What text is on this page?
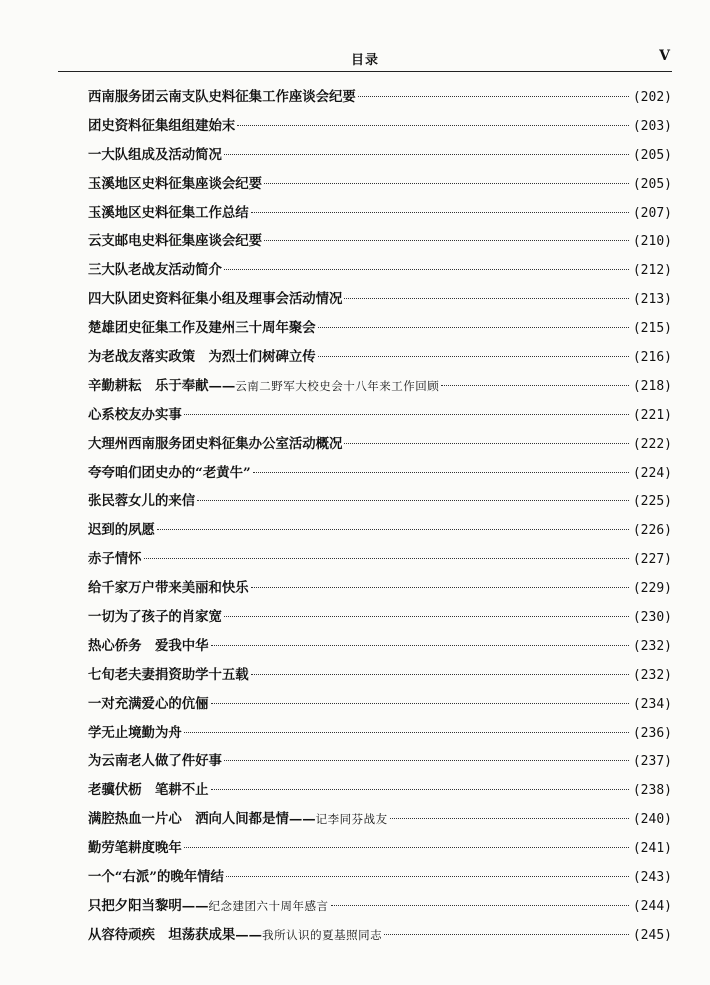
目录	V
西南服务团云南支队史料征集工作座谈会纪要	(202)
团史资料征集组组建始末	(203)
一大队组成及活动简况	(205)
玉溪地区史料征集座谈会纪要	(205)
玉溪地区史料征集工作总结	(207)
云支邮电史料征集座谈会纪要	(210)
三大队老战友活动简介	(212)
四大队团史资料征集小组及理事会活动情况	(213)
楚雄团史征集工作及建州三十周年聚会	(215)
为老战友落实政策　为烈士们树碑立传	(216)
辛勤耕耘　乐于奉献—— 云南二野军大校史会十八年来工作回顾	(218)
心系校友办实事	(221)
大理州西南服务团史料征集办公室活动概况	(222)
夸夸咱们团史办的“老黄牛”	(224)
张民蓉女儿的来信	(225)
迟到的夙愿	(226)
赤子情怀	(227)
给千家万户带来美丽和快乐	(229)
一切为了孩子的肖家宽	(230)
热心侨务　爱我中华	(232)
七旬老夫妻捐资助学十五载	(232)
一对充满爱心的伉俪	(234)
学无止境勤为舟	(236)
为云南老人做了件好事	(237)
老骥伏枥　笔耕不止	(238)
满腔热血一片心　洒向人间都是情—— 记李同芬战友	(240)
勤劳笔耕度晚年	(241)
一个“右派”的晚年情结	(243)
只把夕阳当黎明—— 纪念建团六十周年感言	(244)
从容待顽疾　坦荡获成果—— 我所认识的夏基照同志	(245)
